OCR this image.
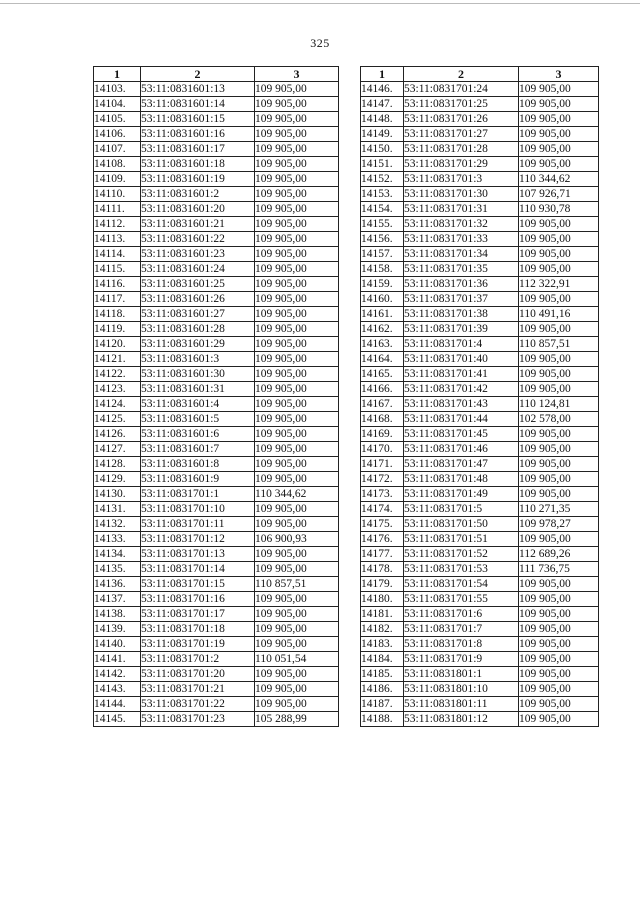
325
1	2	3
14103.	53:11:0831601:13	109 905,00
14104.	53:11:0831601:14	109 905,00
14105.	53:11:0831601:15	109 905,00
14106.	53:11:0831601:16	109 905,00
14107.	53:11:0831601:17	109 905,00
14108.	53:11:0831601:18	109 905,00
14109.	53:11:0831601:19	109 905,00
14110.	53:11:0831601:2	109 905,00
14111.	53:11:0831601:20	109 905,00
14112.	53:11:0831601:21	109 905,00
14113.	53:11:0831601:22	109 905,00
14114.	53:11:0831601:23	109 905,00
14115.	53:11:0831601:24	109 905,00
14116.	53:11:0831601:25	109 905,00
14117.	53:11:0831601:26	109 905,00
14118.	53:11:0831601:27	109 905,00
14119.	53:11:0831601:28	109 905,00
14120.	53:11:0831601:29	109 905,00
14121.	53:11:0831601:3	109 905,00
14122.	53:11:0831601:30	109 905,00
14123.	53:11:0831601:31	109 905,00
14124.	53:11:0831601:4	109 905,00
14125.	53:11:0831601:5	109 905,00
14126.	53:11:0831601:6	109 905,00
14127.	53:11:0831601:7	109 905,00
14128.	53:11:0831601:8	109 905,00
14129.	53:11:0831601:9	109 905,00
14130.	53:11:0831701:1	110 344,62
14131.	53:11:0831701:10	109 905,00
14132.	53:11:0831701:11	109 905,00
14133.	53:11:0831701:12	106 900,93
14134.	53:11:0831701:13	109 905,00
14135.	53:11:0831701:14	109 905,00
14136.	53:11:0831701:15	110 857,51
14137.	53:11:0831701:16	109 905,00
14138.	53:11:0831701:17	109 905,00
14139.	53:11:0831701:18	109 905,00
14140.	53:11:0831701:19	109 905,00
14141.	53:11:0831701:2	110 051,54
14142.	53:11:0831701:20	109 905,00
14143.	53:11:0831701:21	109 905,00
14144.	53:11:0831701:22	109 905,00
14145.	53:11:0831701:23	105 288,99
1	2	3
14146.	53:11:0831701:24	109 905,00
14147.	53:11:0831701:25	109 905,00
14148.	53:11:0831701:26	109 905,00
14149.	53:11:0831701:27	109 905,00
14150.	53:11:0831701:28	109 905,00
14151.	53:11:0831701:29	109 905,00
14152.	53:11:0831701:3	110 344,62
14153.	53:11:0831701:30	107 926,71
14154.	53:11:0831701:31	110 930,78
14155.	53:11:0831701:32	109 905,00
14156.	53:11:0831701:33	109 905,00
14157.	53:11:0831701:34	109 905,00
14158.	53:11:0831701:35	109 905,00
14159.	53:11:0831701:36	112 322,91
14160.	53:11:0831701:37	109 905,00
14161.	53:11:0831701:38	110 491,16
14162.	53:11:0831701:39	109 905,00
14163.	53:11:0831701:4	110 857,51
14164.	53:11:0831701:40	109 905,00
14165.	53:11:0831701:41	109 905,00
14166.	53:11:0831701:42	109 905,00
14167.	53:11:0831701:43	110 124,81
14168.	53:11:0831701:44	102 578,00
14169.	53:11:0831701:45	109 905,00
14170.	53:11:0831701:46	109 905,00
14171.	53:11:0831701:47	109 905,00
14172.	53:11:0831701:48	109 905,00
14173.	53:11:0831701:49	109 905,00
14174.	53:11:0831701:5	110 271,35
14175.	53:11:0831701:50	109 978,27
14176.	53:11:0831701:51	109 905,00
14177.	53:11:0831701:52	112 689,26
14178.	53:11:0831701:53	111 736,75
14179.	53:11:0831701:54	109 905,00
14180.	53:11:0831701:55	109 905,00
14181.	53:11:0831701:6	109 905,00
14182.	53:11:0831701:7	109 905,00
14183.	53:11:0831701:8	109 905,00
14184.	53:11:0831701:9	109 905,00
14185.	53:11:0831801:1	109 905,00
14186.	53:11:0831801:10	109 905,00
14187.	53:11:0831801:11	109 905,00
14188.	53:11:0831801:12	109 905,00
